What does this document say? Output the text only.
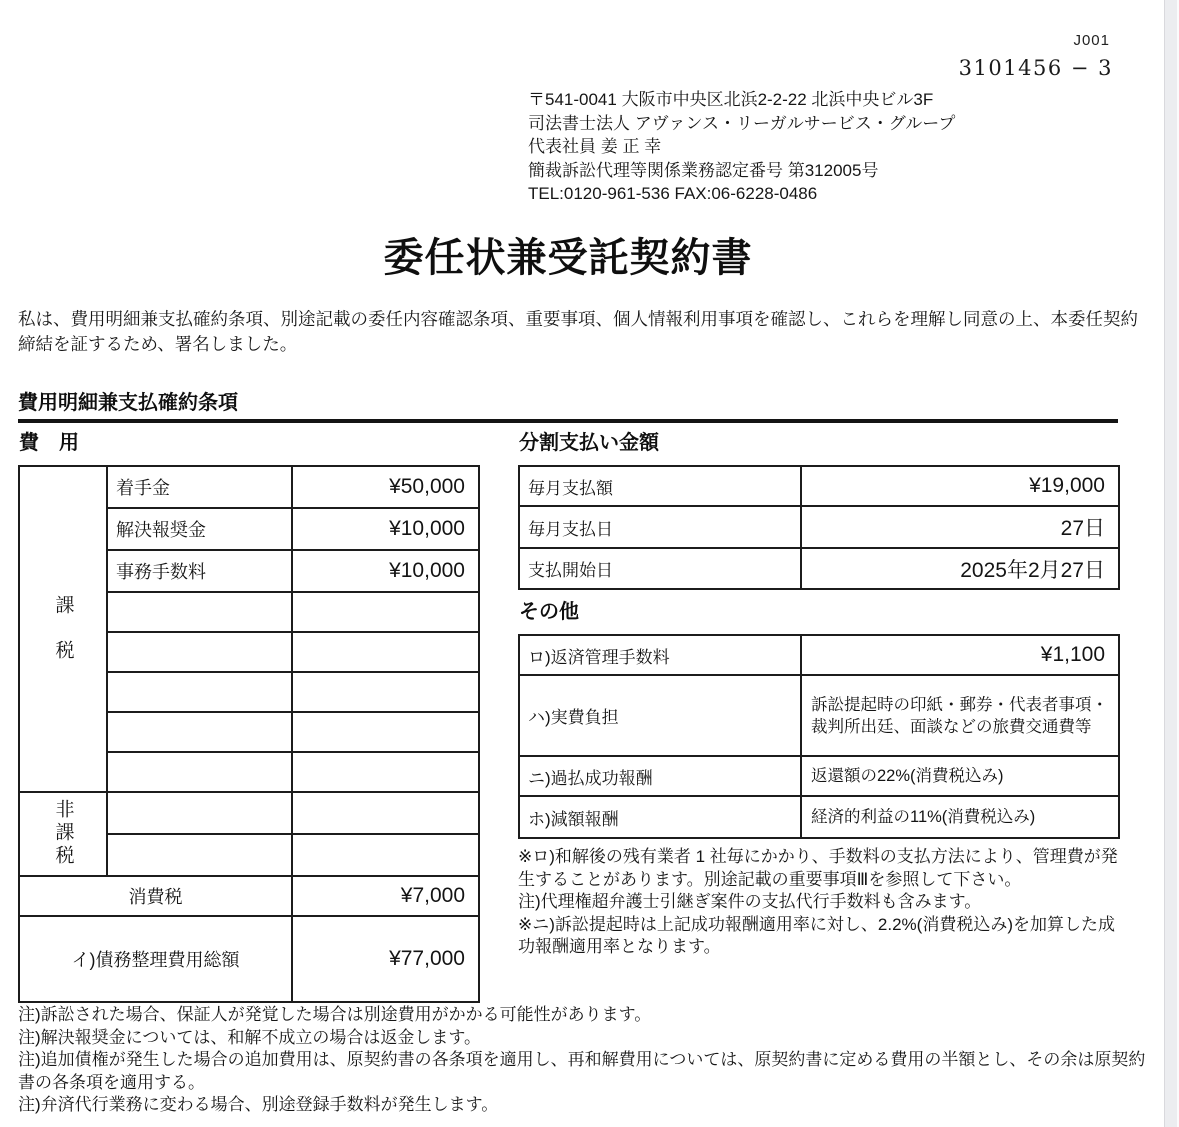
J001
3101456 − 3
〒541-0041 大阪市中央区北浜2-2-22 北浜中央ビル3F
司法書士法人 アヴァンス・リーガルサービス・グループ
代表社員 姜 正 幸
簡裁訴訟代理等関係業務認定番号 第312005号
TEL:0120-961-536 FAX:06-6228-0486
委任状兼受託契約書

私は、費用明細兼支払確約条項、別途記載の委任内容確認条項、重要事項、個人情報利用事項を確認し、これらを理解し同意の上、本委任契約締結を証するため、署名しました。

費用明細兼支払確約条項
費　用
課税	着手金	¥50,000
	解決報奨金	¥10,000
	事務手数料	¥10,000

非課税		

消費税		¥7,000
イ)債務整理費用総額		¥77,000
分割支払い金額
毎月支払額	¥19,000
毎月支払日	27日
支払開始日	2025年2月27日
その他
ロ)返済管理手数料	¥1,100
ハ)実費負担	訴訟提起時の印紙・郵券・代表者事項・裁判所出廷、面談などの旅費交通費等
ニ)過払成功報酬	返還額の22%(消費税込み)
ホ)減額報酬	経済的利益の11%(消費税込み)

※ロ)和解後の残有業者 1 社毎にかかり、手数料の支払方法により、管理費が発生することがあります。別途記載の重要事項Ⅲを参照して下さい。

注)代理権超弁護士引継ぎ案件の支払代行手数料も含みます。

※ニ)訴訟提起時は上記成功報酬適用率に対し、2.2%(消費税込み)を加算した成功報酬適用率となります。

注)訴訟された場合、保証人が発覚した場合は別途費用がかかる可能性があります。

注)解決報奨金については、和解不成立の場合は返金します。

注)追加債権が発生した場合の追加費用は、原契約書の各条項を適用し、再和解費用については、原契約書に定める費用の半額とし、その余は原契約書の各条項を適用する。

注)弁済代行業務に変わる場合、別途登録手数料が発生します。
